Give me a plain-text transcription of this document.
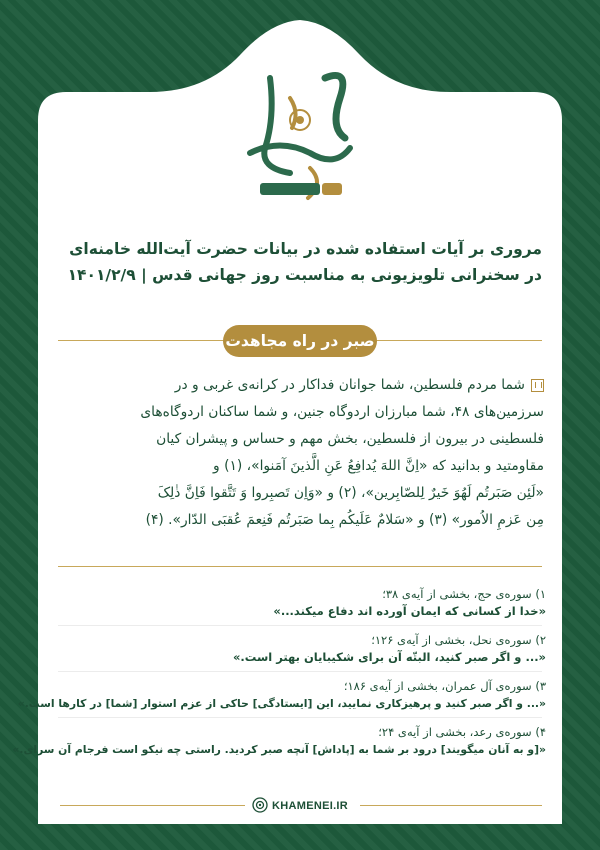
مروری بر آیات استفاده شده در بیانات حضرت آیت‌الله خامنه‌ای
در سخنرانی تلویزیونی به مناسبت روز جهانی قدس | ۱۴۰۱/۲/۹
صبر در راه مجاهدت
شما مردم فلسطین، شما جوانان فداکار در کرانه‌ی غربی و در
سرزمین‌های ۴۸، شما مبارزان اردوگاه جنین، و شما ساکنان اردوگاه‌های
فلسطینی در بیرون از فلسطین، بخش مهم و حساس و پیشران کیان
مقاومتید و بدانید که «اِنَّ اللهَ یُدافِعُ عَنِ الَّذینَ آمَنوا»، (۱) و
«لَئِن صَبَرتُم لَهُوَ خَیرٌ لِلصّابِرین»، (۲) و «وَاِن تَصبِروا وَ تَتَّقوا فَاِنَّ ذٰلِکَ
مِن عَزمِ الاُمور» (۳) و «سَلامٌ عَلَیکُم بِما صَبَرتُم فَنِعمَ عُقبَی الدّار». (۴)
۱) سوره‌ی حج، بخشی از آیه‌ی ۳۸؛
«خدا از کسانی که ایمان آورده اند دفاع میکند...»
۲) سوره‌ی نحل، بخشی از آیه‌ی ۱۲۶؛
«... و اگر صبر کنید، البتّه آن برای شکیبایان بهتر است.»
۳) سوره‌ی آل عمران، بخشی از آیه‌ی ۱۸۶؛
«... و اگر صبر کنید و پرهیزکاری نمایید، این [ایستادگی] حاکی از عزم استوار [شما] در کارها است.»
۴) سوره‌ی رعد، بخشی از آیه‌ی ۲۴؛
«[و به آنان میگویند] درود بر شما به [پاداش] آنچه صبر کردید. راستی چه نیکو است فرجام آن سرای.»
KHAMENEI.IR
